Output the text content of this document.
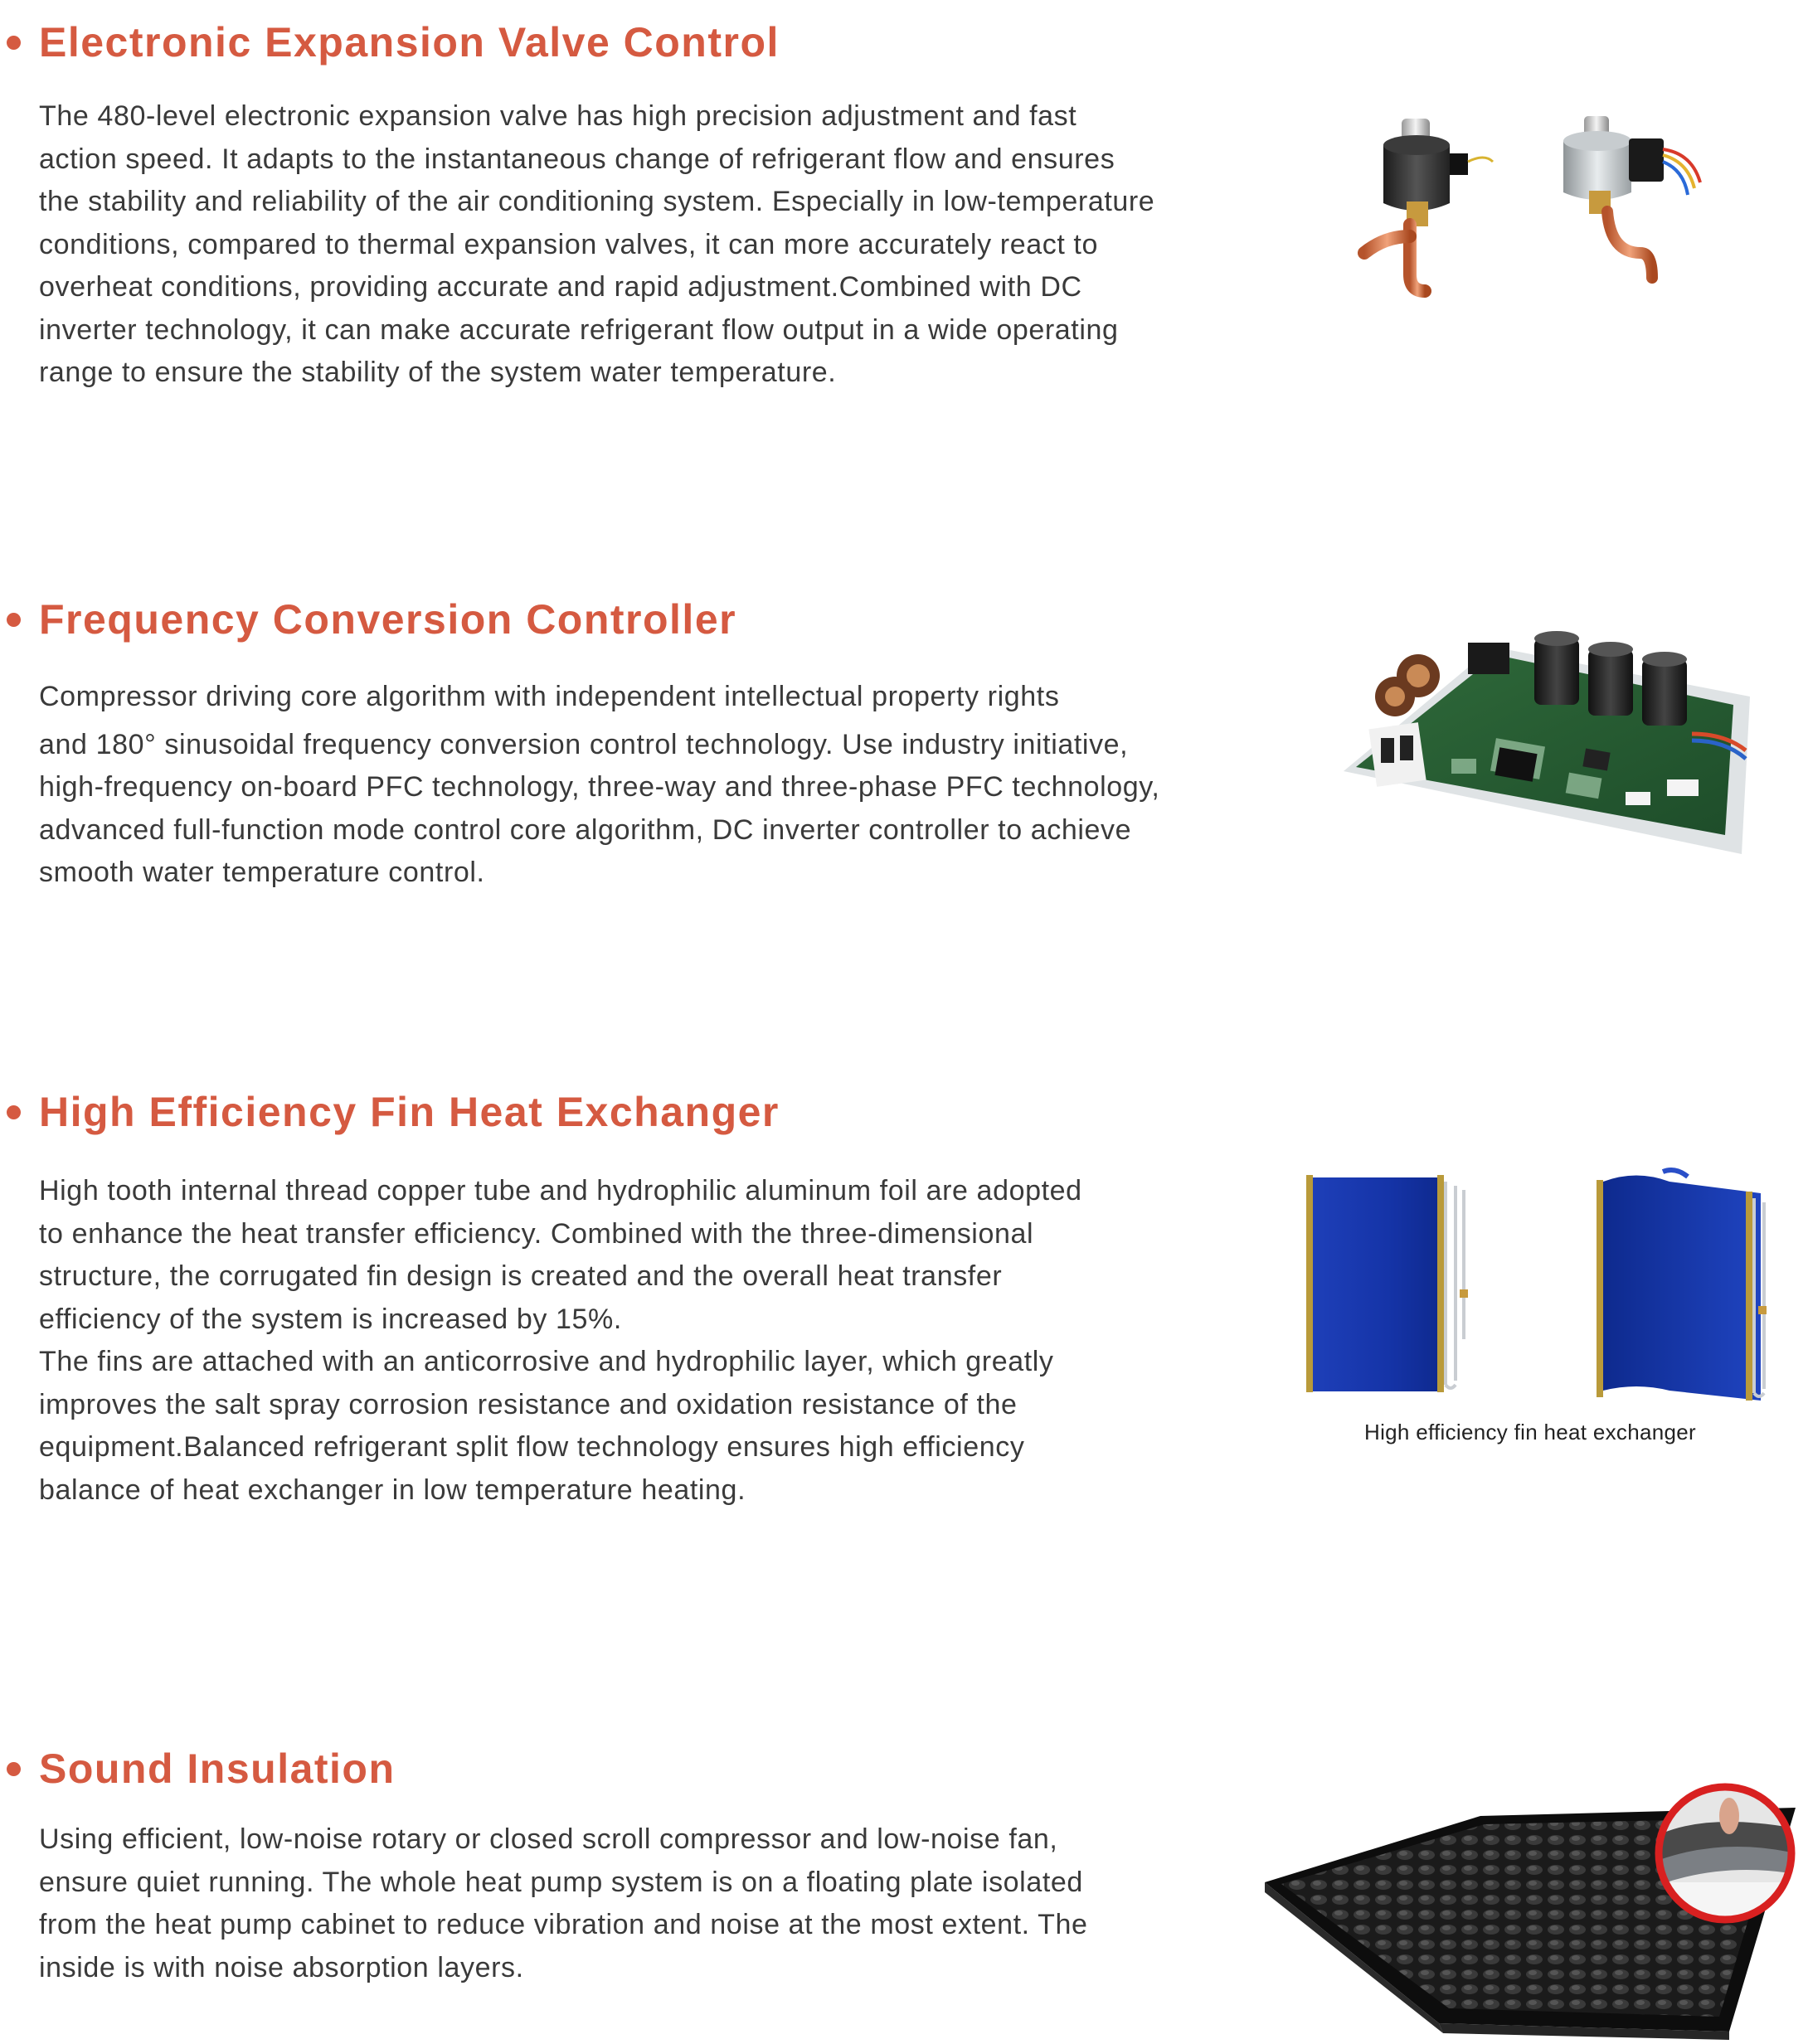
Electronic Expansion Valve Control

The 480-level electronic expansion valve has high precision adjustment and fast
action speed. It adapts to the instantaneous change of refrigerant flow and ensures
the stability and reliability of the air conditioning system. Especially in low-temperature
conditions, compared to thermal expansion valves, it can more accurately react to
overheat conditions, providing accurate and rapid adjustment.Combined with DC
inverter technology, it can make accurate refrigerant flow output in a wide operating
range to ensure the stability of the system water temperature.

Frequency Conversion Controller

Compressor driving core algorithm with independent intellectual property rights
and 180° sinusoidal frequency conversion control technology. Use industry initiative,
high-frequency on-board PFC technology, three-way and three-phase PFC technology,
advanced full-function mode control core algorithm, DC inverter controller to achieve
smooth water temperature control.

High Efficiency Fin Heat Exchanger

High tooth internal thread copper tube and hydrophilic aluminum foil are adopted
to enhance the heat transfer efficiency. Combined with the three-dimensional
structure, the corrugated fin design is created and the overall heat transfer
efficiency of the system is increased by 15%.
The fins are attached with an anticorrosive and hydrophilic layer, which greatly
improves the salt spray corrosion resistance and oxidation resistance of the
equipment.Balanced refrigerant split flow technology ensures high efficiency
balance of heat exchanger in low temperature heating.

High efficiency fin heat exchanger
Sound Insulation

Using efficient, low-noise rotary or closed scroll compressor and low-noise fan,
ensure quiet running. The whole heat pump system is on a floating plate isolated
from the heat pump cabinet to reduce vibration and noise at the most extent. The
inside is with noise absorption layers.
